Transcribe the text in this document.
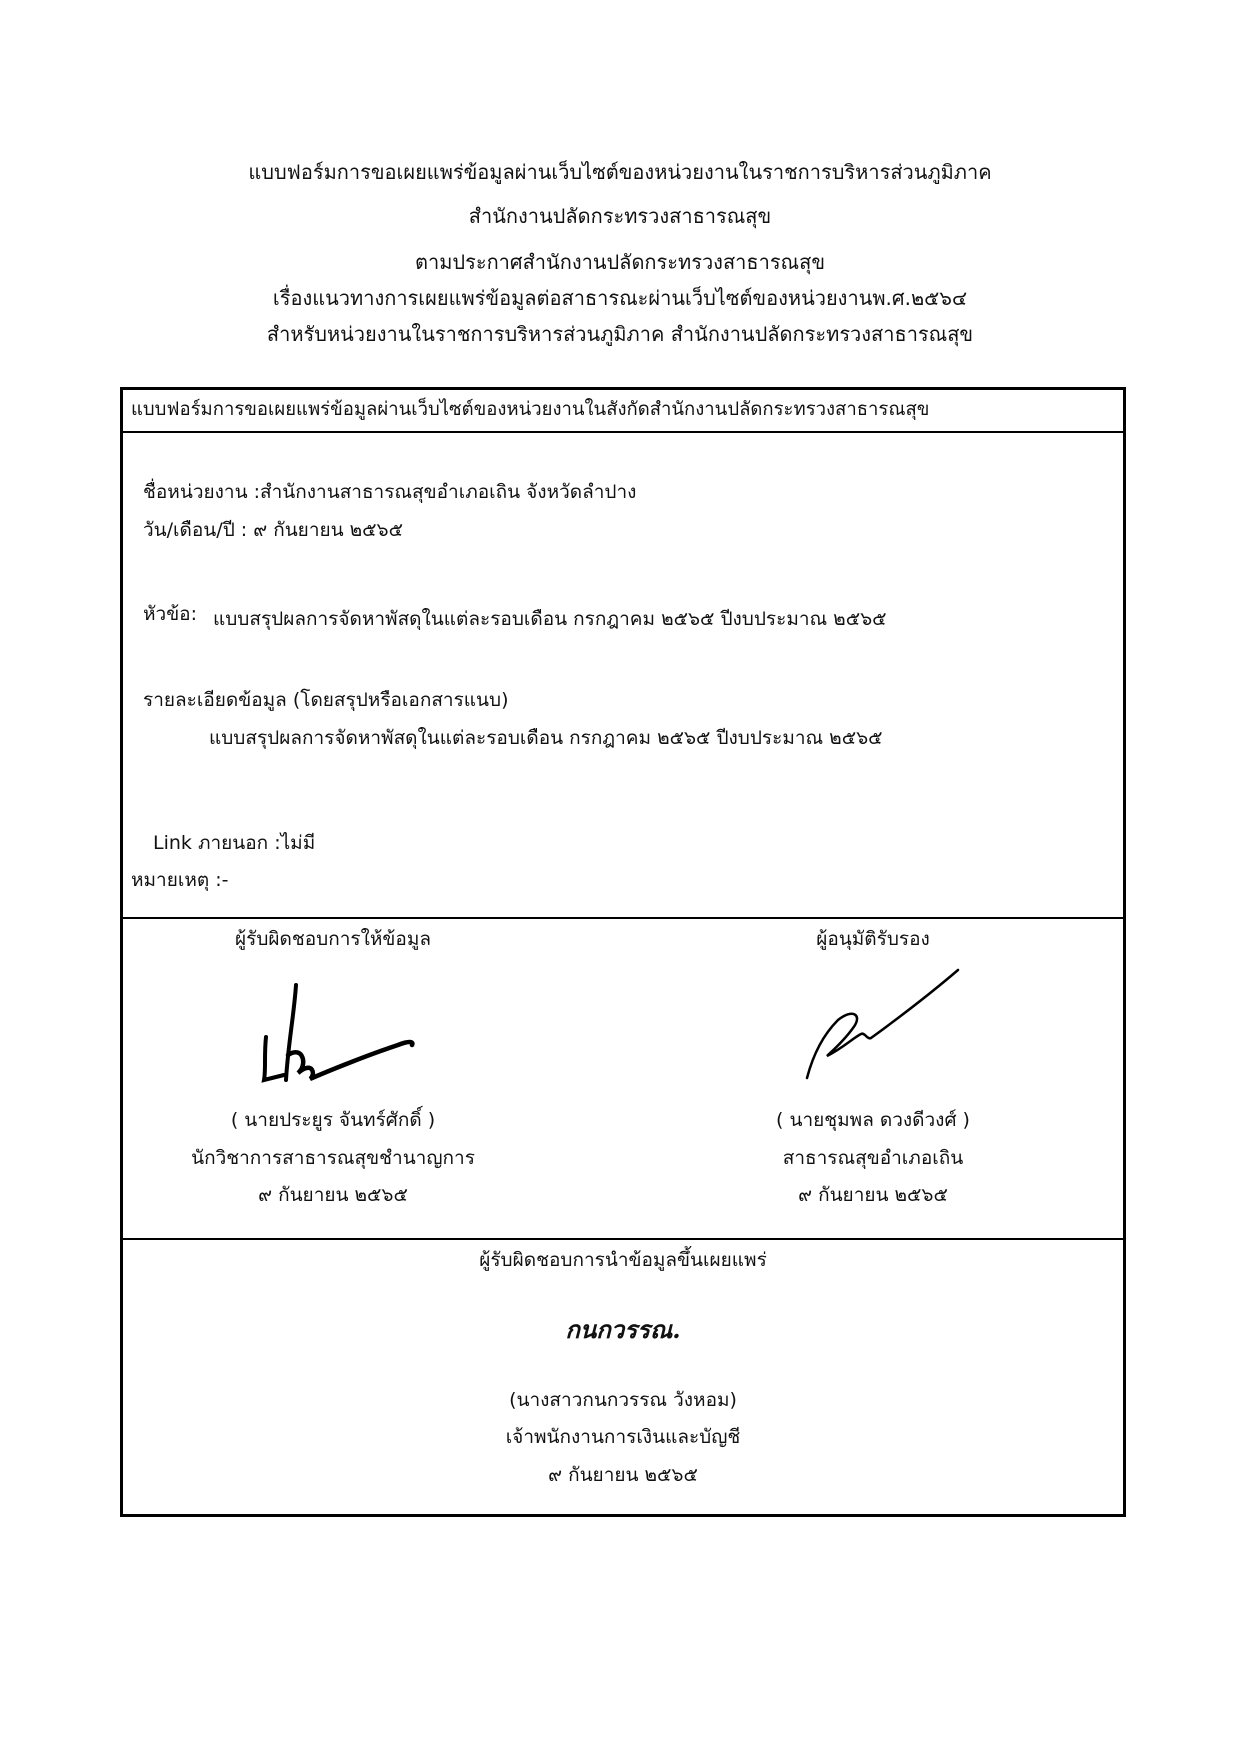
แบบฟอร์มการขอเผยแพร่ข้อมูลผ่านเว็บไซต์ของหน่วยงานในราชการบริหารส่วนภูมิภาค
สำนักงานปลัดกระทรวงสาธารณสุข
ตามประกาศสำนักงานปลัดกระทรวงสาธารณสุข
เรื่องแนวทางการเผยแพร่ข้อมูลต่อสาธารณะผ่านเว็บไซต์ของหน่วยงานพ.ศ.๒๕๖๔
สำหรับหน่วยงานในราชการบริหารส่วนภูมิภาค สำนักงานปลัดกระทรวงสาธารณสุข
แบบฟอร์มการขอเผยแพร่ข้อมูลผ่านเว็บไซต์ของหน่วยงานในสังกัดสำนักงานปลัดกระทรวงสาธารณสุข
ชื่อหน่วยงาน :สำนักงานสาธารณสุขอำเภอเถิน จังหวัดลำปาง
วัน/เดือน/ปี : ๙ กันยายน ๒๕๖๕
หัวข้อ: แบบสรุปผลการจัดหาพัสดุในแต่ละรอบเดือน กรกฎาคม ๒๕๖๕ ปีงบประมาณ ๒๕๖๕
รายละเอียดข้อมูล (โดยสรุปหรือเอกสารแนบ)
แบบสรุปผลการจัดหาพัสดุในแต่ละรอบเดือน กรกฎาคม ๒๕๖๕ ปีงบประมาณ ๒๕๖๕
Link ภายนอก :ไม่มี
หมายเหตุ :-
ผู้รับผิดชอบการให้ข้อมูล
( นายประยูร จันทร์ศักดิ์ )
นักวิชาการสาธารณสุขชำนาญการ
๙ กันยายน ๒๕๖๕
ผู้อนุมัติรับรอง
( นายชุมพล ดวงดีวงศ์ )
สาธารณสุขอำเภอเถิน
๙ กันยายน ๒๕๖๕
ผู้รับผิดชอบการนำข้อมูลขึ้นเผยแพร่
กนกวรรณ.
(นางสาวกนกวรรณ วังหอม)
เจ้าพนักงานการเงินและบัญชี
๙ กันยายน ๒๕๖๕
